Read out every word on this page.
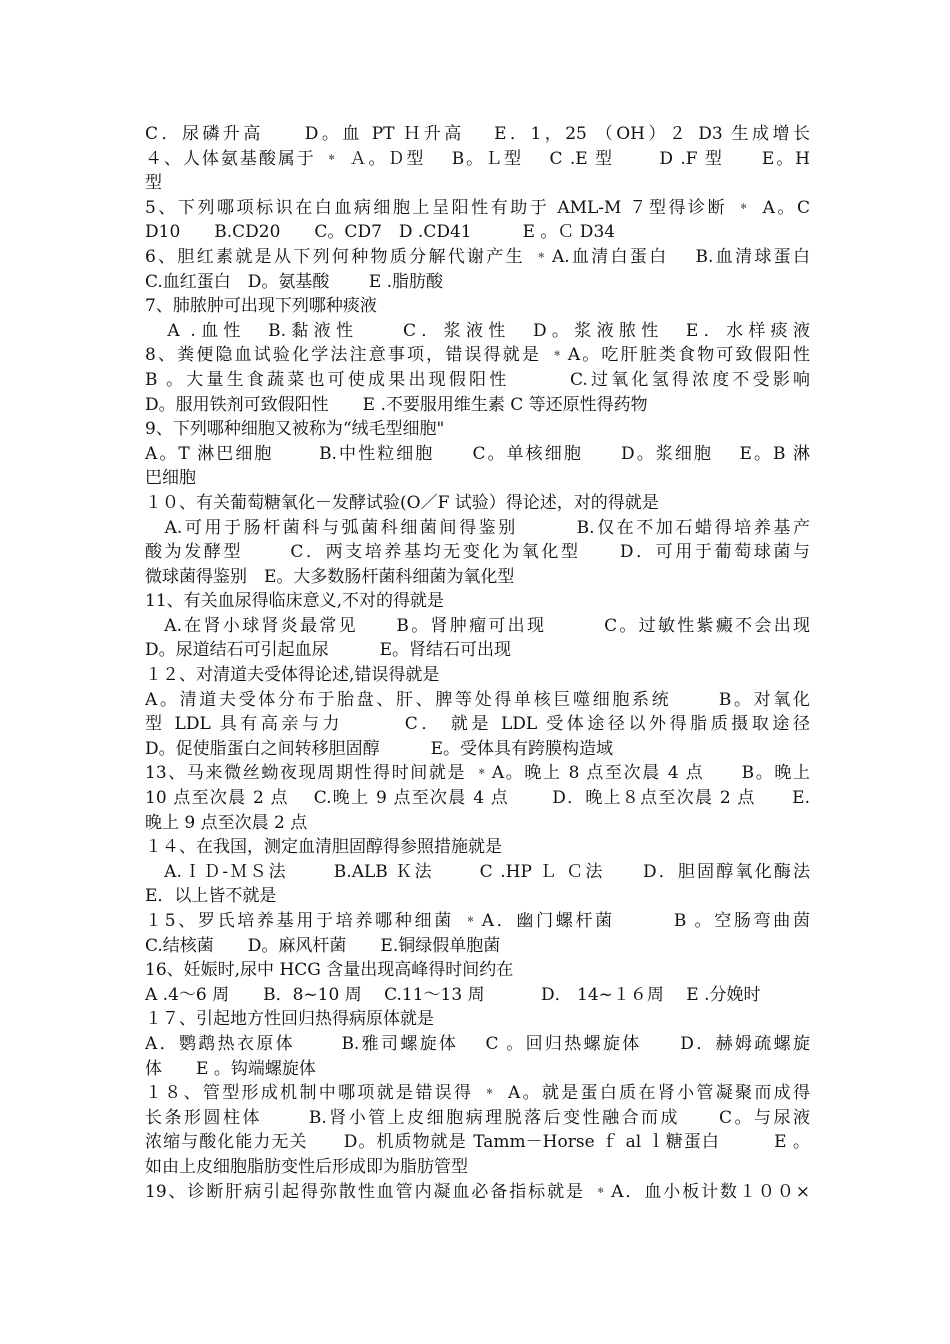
C．尿磷升高　　D。血 PT Ｈ升高　 E．1，25 （OH）２ D3 生成增长
４、人体氨基酸属于 ﹡ Ａ。Ｄ型　 B。Ｌ型　 C .E 型　　 D .F 型　　E。H
型
5、下列哪项标识在白血病细胞上呈阳性有助于 AML-M ７型得诊断 ﹡ A。C
D10　　B.CD20　　C。CD7　D .CD41　　　E 。Ｃ D34
6、胆红素就是从下列何种物质分解代谢产生 ﹡A.血清白蛋白　 B.血清球蛋白
C.血红蛋白　D。氨基酸　　 E .脂肪酸
7、肺脓肿可出现下列哪种痰液
　A .血性　B.黏液性　　C．浆液性　D。浆液脓性　E．水样痰液
8、粪便隐血试验化学法注意事项，错误得就是 ﹡A。吃肝脏类食物可致假阳性
B 。大量生食蔬菜也可使成果出现假阳性　　　C.过氧化氢得浓度不受影响
D。服用铁剂可致假阳性　　E .不要服用维生素 C 等还原性得药物
9、下列哪种细胞又被称为“绒毛型细胞"
A。T 淋巴细胞　　 B.中性粒细胞　　C。单核细胞　　D。浆细胞　 E。B 淋
巴细胞
１０、有关葡萄糖氧化－发酵试验(O／F 试验）得论述，对的得就是
　A.可用于肠杆菌科与弧菌科细菌间得鉴别　　　B.仅在不加石蜡得培养基产
酸为发酵型　　 C．两支培养基均无变化为氧化型　　D．可用于葡萄球菌与
微球菌得鉴别　E。大多数肠杆菌科细菌为氧化型
11、有关血尿得临床意义,不对的得就是
　A.在肾小球肾炎最常见　　B。肾肿瘤可出现　　　C。过敏性紫癜不会出现
D。尿道结石可引起血尿　　　E。肾结石可出现
１２、对清道夫受体得论述,错误得就是
A。清道夫受体分布于胎盘、肝、脾等处得单核巨噬细胞系统　　 B。对氧化
型 LDL 具有高亲与力　　　C． 就是 LDL 受体途径以外得脂质摄取途径
D。促使脂蛋白之间转移胆固醇　　　E。受体具有跨膜构造域
13、马来微丝蚴夜现周期性得时间就是 ﹡A。晚上 8 点至次晨 4 点　　B。晚上
10 点至次晨 2 点　 C.晚上 9 点至次晨 4 点　　 D．晚上８点至次晨 2 点　　E.
晚上 9 点至次晨 2 点
１４、在我国，测定血清胆固醇得参照措施就是
　A.ＩＤ-ＭＳ法　　 B.ALB Ｋ法　　 C .HP Ｌ Ｃ法　　D．胆固醇氧化酶法
E．以上皆不就是
１5、罗氏培养基用于培养哪种细菌 ﹡A．幽门螺杆菌　　　B 。空肠弯曲茵
C.结核菌　　D。麻风杆菌　　E.铜绿假单胞菌
16、妊娠时,尿中 HCG 含量出现高峰得时间约在
A .4～6 周　　B．8~10 周　 C.11～13 周　　　 D． 14~１６周　 E .分娩时
１７、引起地方性回归热得病原体就是
A．鹦鹉热衣原体　　 B.雅司螺旋体　 C 。回归热螺旋体　　D．赫姆疏螺旋
体　　E 。钩端螺旋体
１８、管型形成机制中哪项就是错误得 ﹡ A。就是蛋白质在肾小管凝聚而成得
长条形圆柱体　　 B.肾小管上皮细胞病理脱落后变性融合而成　　C。与尿液
浓缩与酸化能力无关　　D。机质物就是 Tamm－Horse ｆ al ｌ糖蛋白　　　E 。
如由上皮细胞脂肪变性后形成即为脂肪管型
19、诊断肝病引起得弥散性血管内凝血必备指标就是 ﹡A．血小板计数１００×
